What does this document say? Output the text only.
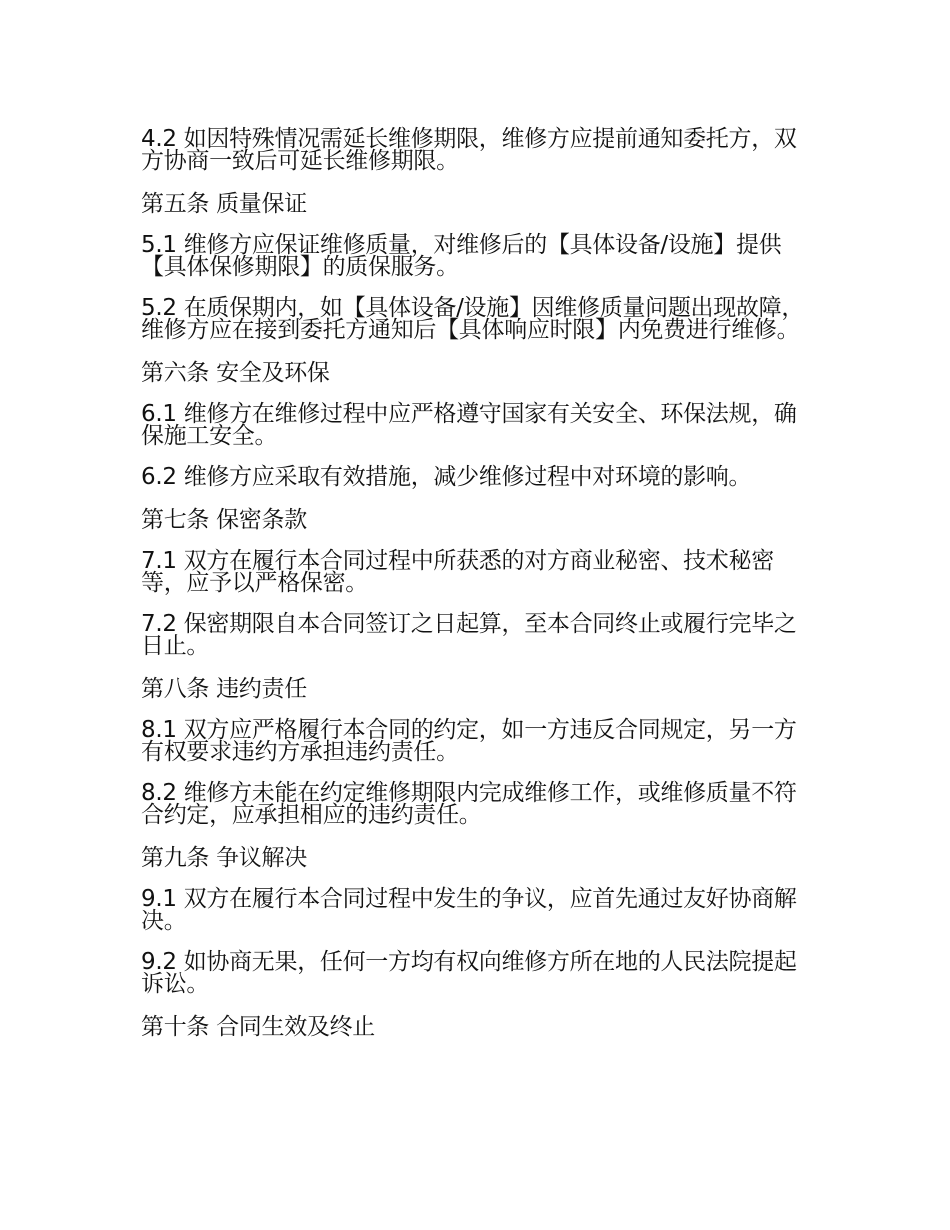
4.2 如因特殊情况需延长维修期限，维修方应提前通知委托方，双方协商一致后可延长维修期限。

第五条 质量保证

5.1 维修方应保证维修质量，对维修后的【具体设备/设施】提供【具体保修期限】的质保服务。

5.2 在质保期内，如【具体设备/设施】因维修质量问题出现故障，维修方应在接到委托方通知后【具体响应时限】内免费进行维修。

第六条 安全及环保

6.1 维修方在维修过程中应严格遵守国家有关安全、环保法规，确保施工安全。

6.2 维修方应采取有效措施，减少维修过程中对环境的影响。

第七条 保密条款

7.1 双方在履行本合同过程中所获悉的对方商业秘密、技术秘密等，应予以严格保密。

7.2 保密期限自本合同签订之日起算，至本合同终止或履行完毕之日止。

第八条 违约责任

8.1 双方应严格履行本合同的约定，如一方违反合同规定，另一方有权要求违约方承担违约责任。

8.2 维修方未能在约定维修期限内完成维修工作，或维修质量不符合约定，应承担相应的违约责任。

第九条 争议解决

9.1 双方在履行本合同过程中发生的争议，应首先通过友好协商解决。

9.2 如协商无果，任何一方均有权向维修方所在地的人民法院提起诉讼。

第十条 合同生效及终止
